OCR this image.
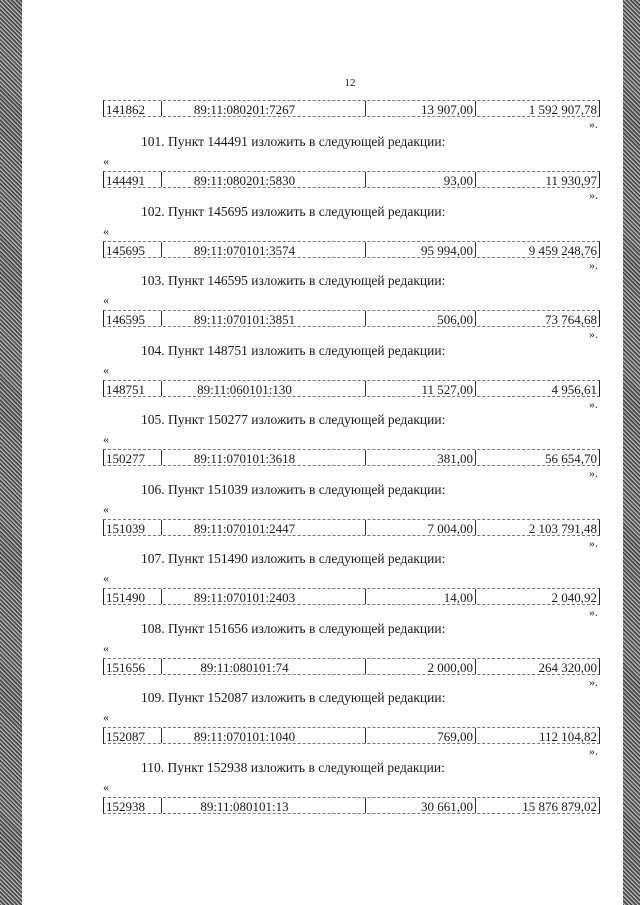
12
141862	89:11:080201:7267	13 907,00	1 592 907,78
».
101. Пункт 144491 изложить в следующей редакции:
«
144491	89:11:080201:5830	93,00	11 930,97
».
102. Пункт 145695 изложить в следующей редакции:
«
145695	89:11:070101:3574	95 994,00	9 459 248,76
».
103. Пункт 146595 изложить в следующей редакции:
«
146595	89:11:070101:3851	506,00	73 764,68
».
104. Пункт 148751 изложить в следующей редакции:
«
148751	89:11:060101:130	11 527,00	4 956,61
».
105. Пункт 150277 изложить в следующей редакции:
«
150277	89:11:070101:3618	381,00	56 654,70
».
106. Пункт 151039 изложить в следующей редакции:
«
151039	89:11:070101:2447	7 004,00	2 103 791,48
».
107. Пункт 151490 изложить в следующей редакции:
«
151490	89:11:070101:2403	14,00	2 040,92
».
108. Пункт 151656 изложить в следующей редакции:
«
151656	89:11:080101:74	2 000,00	264 320,00
».
109. Пункт 152087 изложить в следующей редакции:
«
152087	89:11:070101:1040	769,00	112 104,82
».
110. Пункт 152938 изложить в следующей редакции:
«
152938	89:11:080101:13	30 661,00	15 876 879,02
